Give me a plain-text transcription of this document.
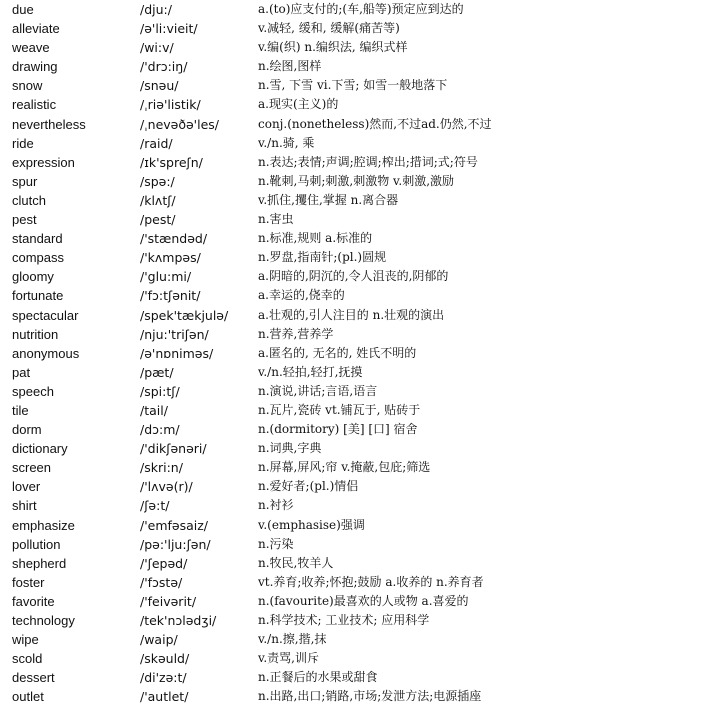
due	/dju:/	a.(to)应支付的;(车,船等)预定应到达的
alleviate	/ə'li:vieit/	v.减轻, 缓和, 缓解(痛苦等)
weave	/wi:v/	v.编(织) n.编织法, 编织式样
drawing	/'drɔ:iŋ/	n.绘图,图样
snow	/snəu/	n.雪, 下雪 vi.下雪; 如雪一般地落下
realistic	/ˌriə'listik/	a.现实(主义)的
nevertheless	/ˌnevəðə'les/	conj.(nonetheless)然而,不过ad.仍然,不过
ride	/raid/	v./n.骑, 乘
expression	/ɪk'spreʃn/	n.表达;表情;声调;腔调;榨出;措词;式;符号
spur	/spə:/	n.靴刺,马刺;刺激,刺激物 v.刺激,激励
clutch	/klʌtʃ/	v.抓住,攫住,掌握 n.离合器
pest	/pest/	n.害虫
standard	/'stændəd/	n.标准,规则 a.标准的
compass	/'kʌmpəs/	n.罗盘,指南针;(pl.)圆规
gloomy	/'glu:mi/	a.阴暗的,阴沉的,令人沮丧的,阴郁的
fortunate	/'fɔ:tʃənit/	a.幸运的,侥幸的
spectacular	/spek'tækjulə/ a.壮观的,引人注目的 n.壮观的演出
nutrition	/nju:'triʃən/	n.营养,营养学
anonymous	/ə'nɒniməs/	a.匿名的, 无名的, 姓氏不明的
pat	/pæt/	v./n.轻拍,轻打,抚摸
speech	/spi:tʃ/	n.演说,讲话;言语,语言
tile	/tail/	n.瓦片,瓷砖 vt.铺瓦于, 贴砖于
dorm	/dɔ:m/	n.(dormitory) [美] [口] 宿舍
dictionary	/'dikʃənəri/	n.词典,字典
screen	/skri:n/	n.屏幕,屏风;帘 v.掩蔽,包庇;筛选
lover	/'lʌvə(r)/	n.爱好者;(pl.)情侣
shirt	/ʃə:t/	n.衬衫
emphasize	/'emfəsaiz/	v.(emphasise)强调
pollution	/pə:'lju:ʃən/	n.污染
shepherd	/'ʃepəd/	n.牧民,牧羊人
foster	/'fɔstə/	vt.养育;收养;怀抱;鼓励 a.收养的 n.养育者
favorite	/'feivərit/	n.(favourite)最喜欢的人或物 a.喜爱的
technology	/tek'nɔlədʒi/	n.科学技术; 工业技术; 应用科学
wipe	/waip/	v./n.擦,揩,抹
scold	/skəuld/	v.责骂,训斥
dessert	/di'zə:t/	n.正餐后的水果或甜食
outlet	/'autlet/	n.出路,出口;销路,市场;发泄方法;电源插座
